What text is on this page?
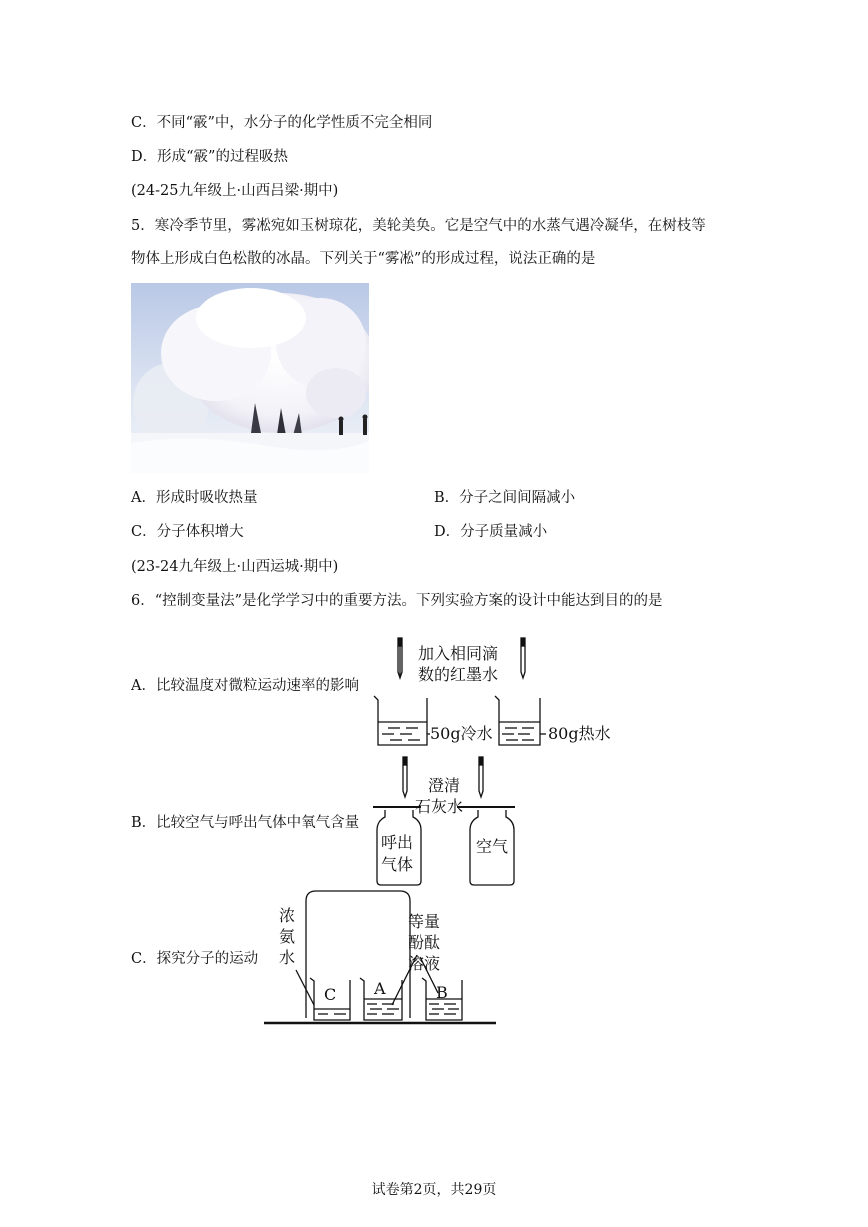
C．不同“霰”中，水分子的化学性质不完全相同
D．形成“霰”的过程吸热
(24-25九年级上·山西吕梁·期中)
5．寒冷季节里，雾凇宛如玉树琼花，美轮美奂。它是空气中的水蒸气遇冷凝华，在树枝等
物体上形成白色松散的冰晶。下列关于“雾凇”的形成过程，说法正确的是
A．形成时吸收热量	B．分子之间间隔减小
C．分子体积增大	D．分子质量减小
(23-24九年级上·山西运城·期中)
6．“控制变量法”是化学学习中的重要方法。下列实验方案的设计中能达到目的的是
A．比较温度对微粒运动速率的影响
加入相同滴
数的红墨水
50g冷水	80g热水
B．比较空气与呼出气体中氧气含量
澄清
石灰水
呼出
气体
空气
C．探究分子的运动
浓
氨
水
等量
酚酞
溶液
C A	B
试卷第2页，共29页
